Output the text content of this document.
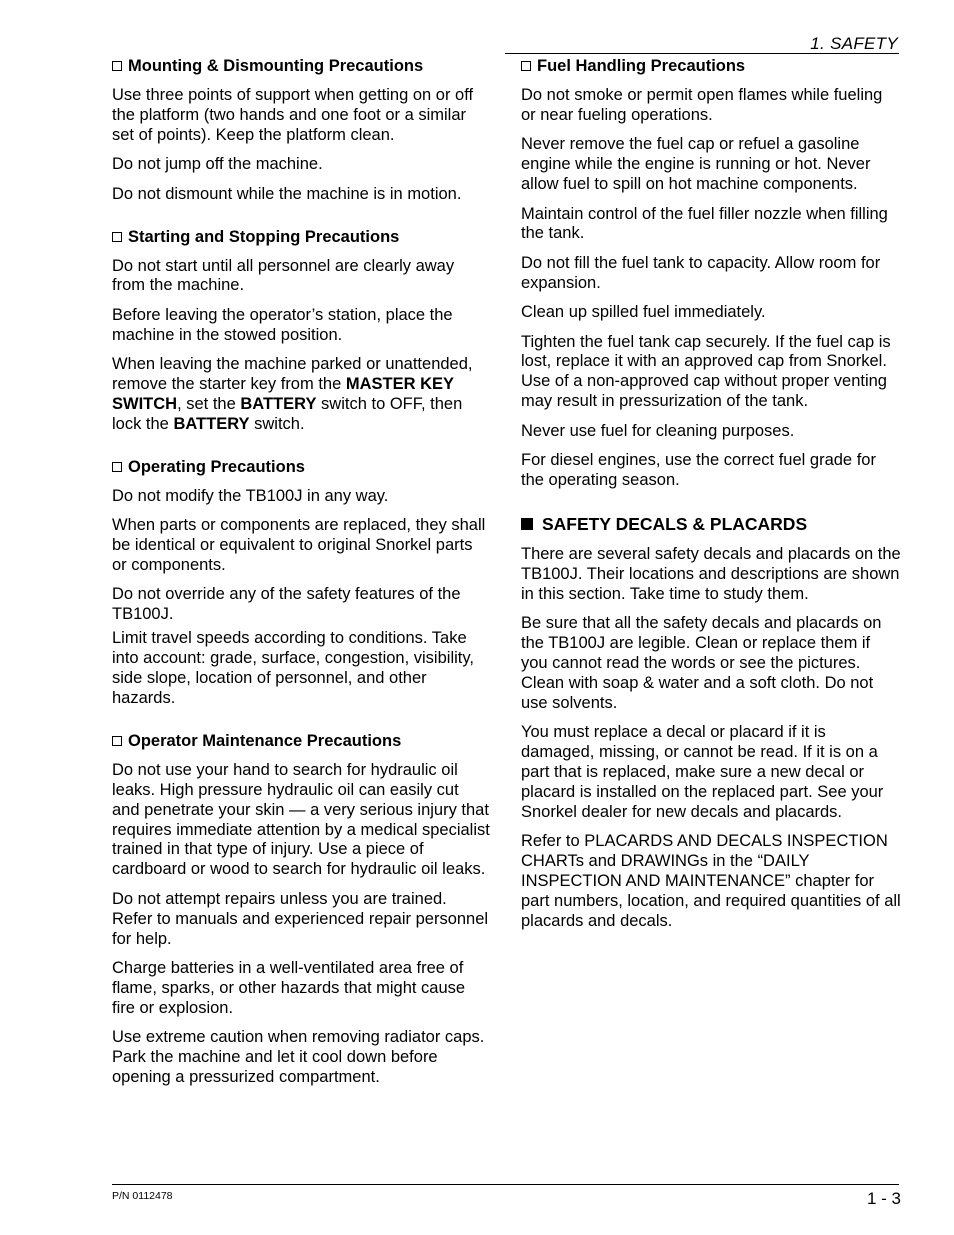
1. SAFETY
Mounting & Dismounting Precautions

Use three points of support when getting on or off the platform (two hands and one foot or a similar set of points). Keep the platform clean.

Do not jump off the machine.

Do not dismount while the machine is in motion.

Starting and Stopping Precautions

Do not start until all personnel are clearly away from the machine.

Before leaving the operator’s station, place the machine in the stowed position.

When leaving the machine parked or unattended, remove the starter key from the MASTER KEY SWITCH, set the BATTERY switch to OFF, then lock the BATTERY switch.

Operating Precautions

Do not modify the TB100J in any way.

When parts or components are replaced, they shall be identical or equivalent to original Snorkel parts or components.

Do not override any of the safety features of the TB100J.

Limit travel speeds according to conditions. Take into account: grade, surface, congestion, visibility, side slope, location of personnel, and other hazards.

Operator Maintenance Precautions

Do not use your hand to search for hydraulic oil leaks. High pressure hydraulic oil can easily cut and penetrate your skin — a very serious injury that requires immediate attention by a medical specialist trained in that type of injury. Use a piece of cardboard or wood to search for hydraulic oil leaks.

Do not attempt repairs unless you are trained. Refer to manuals and experienced repair personnel for help.

Charge batteries in a well-ventilated area free of flame, sparks, or other hazards that might cause fire or explosion.

Use extreme caution when removing radiator caps. Park the machine and let it cool down before opening a pressurized compartment.

Fuel Handling Precautions

Do not smoke or permit open flames while fueling or near fueling operations.

Never remove the fuel cap or refuel a gasoline engine while the engine is running or hot. Never allow fuel to spill on hot machine components.

Maintain control of the fuel filler nozzle when filling the tank.

Do not fill the fuel tank to capacity. Allow room for expansion.

Clean up spilled fuel immediately.

Tighten the fuel tank cap securely. If the fuel cap is lost, replace it with an approved cap from Snorkel. Use of a non-approved cap without proper venting may result in pressurization of the tank.

Never use fuel for cleaning purposes.

For diesel engines, use the correct fuel grade for the operating season.

SAFETY DECALS & PLACARDS

There are several safety decals and placards on the TB100J. Their locations and descriptions are shown in this section. Take time to study them.

Be sure that all the safety decals and placards on the TB100J are legible. Clean or replace them if you cannot read the words or see the pictures. Clean with soap & water and a soft cloth. Do not use solvents.

You must replace a decal or placard if it is damaged, missing, or cannot be read. If it is on a part that is replaced, make sure a new decal or placard is installed on the replaced part. See your Snorkel dealer for new decals and placards.

Refer to PLACARDS AND DECALS INSPECTION CHARTs and DRAWINGs in the “DAILY INSPECTION AND MAINTENANCE” chapter for part numbers, location, and required quantities of all placards and decals.

P/N 0112478	1 - 3
